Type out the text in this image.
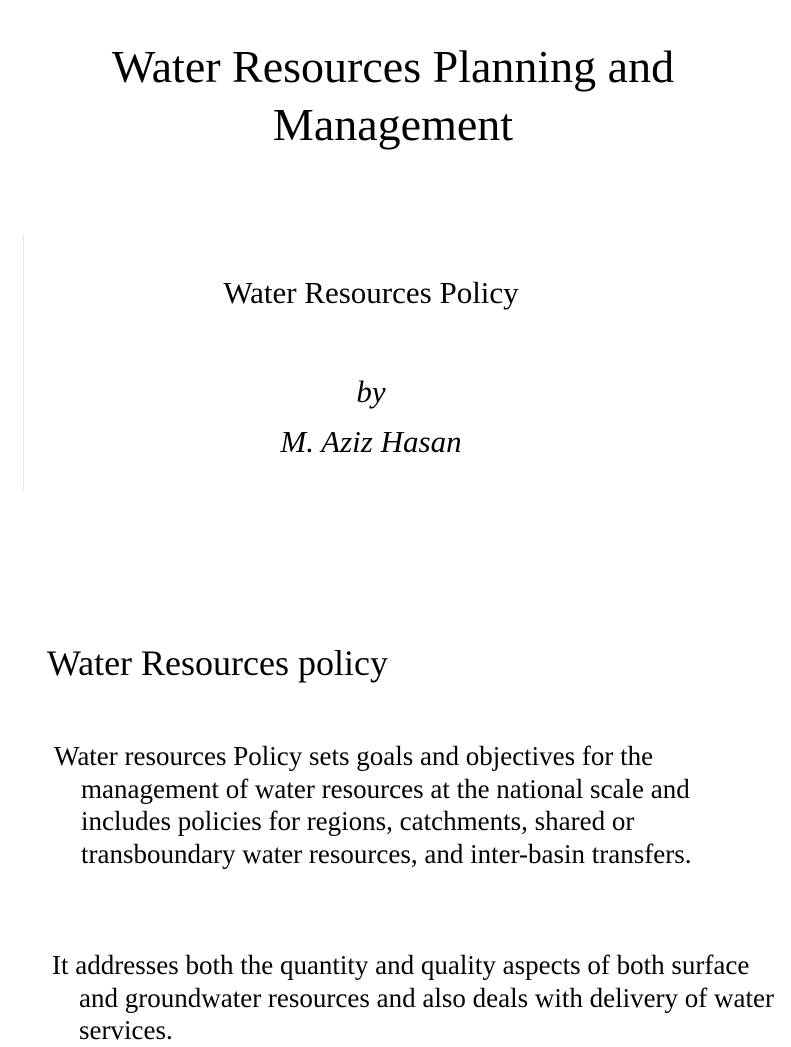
Water Resources Planning and Management

Water Resources Policy

by

M. Aziz Hasan

Water Resources policy

Water resources Policy sets goals and objectives for the management of water resources at the national scale and includes policies for regions, catchments, shared or transboundary water resources, and inter-basin transfers.

It addresses both the quantity and quality aspects of both surface and groundwater resources and also deals with delivery of water services.
